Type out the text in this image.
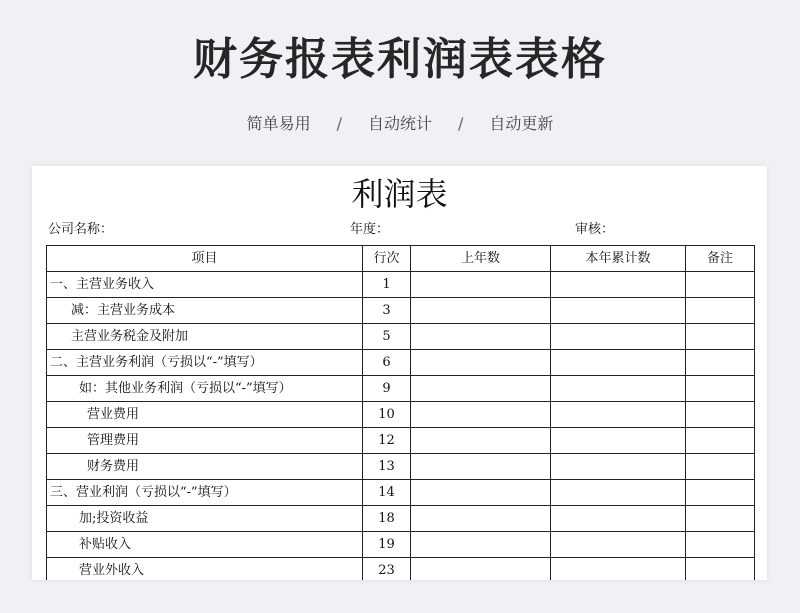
财务报表利润表表格
简单易用 / 自动统计 / 自动更新
利润表
公司名称：	年度：	审核：
项目	行次	上年数	本年累计数	备注
一、主营业务收入	1			
减：主营业务成本	3			
主营业务税金及附加	5			
二、主营业务利润（亏损以“-”填写）	6			
如：其他业务利润（亏损以“-”填写）	9			
营业费用	10			
管理费用	12			
财务费用	13			
三、营业利润（亏损以“-”填写）	14			
加;投资收益	18			
补贴收入	19			
营业外收入	23			
